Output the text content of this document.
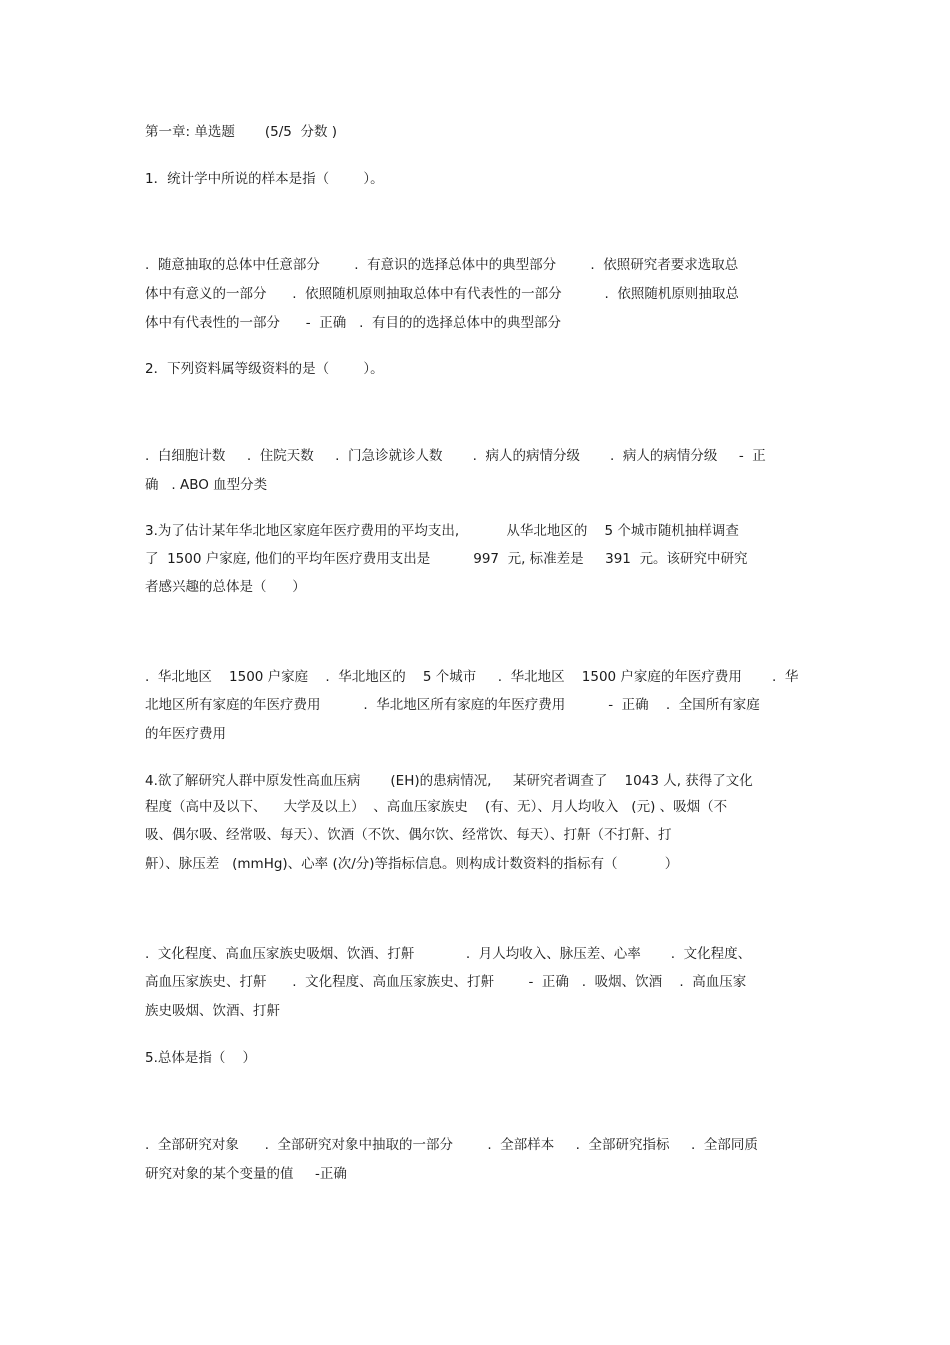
第一章: 单选题       (5/5  分数 )
1．统计学中所说的样本是指（        ）。
.  随意抽取的总体中任意部分        .  有意识的选择总体中的典型部分        .  依照研究者要求选取总
体中有意义的一部分      .  依照随机原则抽取总体中有代表性的一部分          .  依照随机原则抽取总
体中有代表性的一部分      -  正确   .  有目的的选择总体中的典型部分
2．下列资料属等级资料的是（        ）。
.  白细胞计数     .  住院天数     .  门急诊就诊人数       .  病人的病情分级       .  病人的病情分级     -  正
确   . ABO 血型分类
3.为了估计某年华北地区家庭年医疗费用的平均支出,           从华北地区的    5 个城市随机抽样调查
了  1500 户家庭, 他们的平均年医疗费用支出是          997  元, 标准差是     391  元。该研究中研究
者感兴趣的总体是（      ）
.  华北地区    1500 户家庭    .  华北地区的    5 个城市     .  华北地区    1500 户家庭的年医疗费用       .  华
北地区所有家庭的年医疗费用          .  华北地区所有家庭的年医疗费用          -  正确    .  全国所有家庭
的年医疗费用
4.欲了解研究人群中原发性高血压病       (EH)的患病情况,     某研究者调查了    1043 人, 获得了文化
程度（高中及以下、    大学及以上）  、高血压家族史    (有、无）、月人均收入   (元) 、吸烟（不
吸、偶尔吸、经常吸、每天）、饮酒（不饮、偶尔饮、经常饮、每天）、打鼾（不打鼾、打
鼾）、脉压差   (mmHg)、心率 (次/分)等指标信息。则构成计数资料的指标有（           ）
.  文化程度、高血压家族史吸烟、饮酒、打鼾            .  月人均收入、脉压差、心率       .  文化程度、
高血压家族史、打鼾      .  文化程度、高血压家族史、打鼾        -  正确   .  吸烟、饮酒    .  高血压家
族史吸烟、饮酒、打鼾
5.总体是指（    ）
.  全部研究对象      .  全部研究对象中抽取的一部分        .  全部样本     .  全部研究指标     .  全部同质
研究对象的某个变量的值     -正确
